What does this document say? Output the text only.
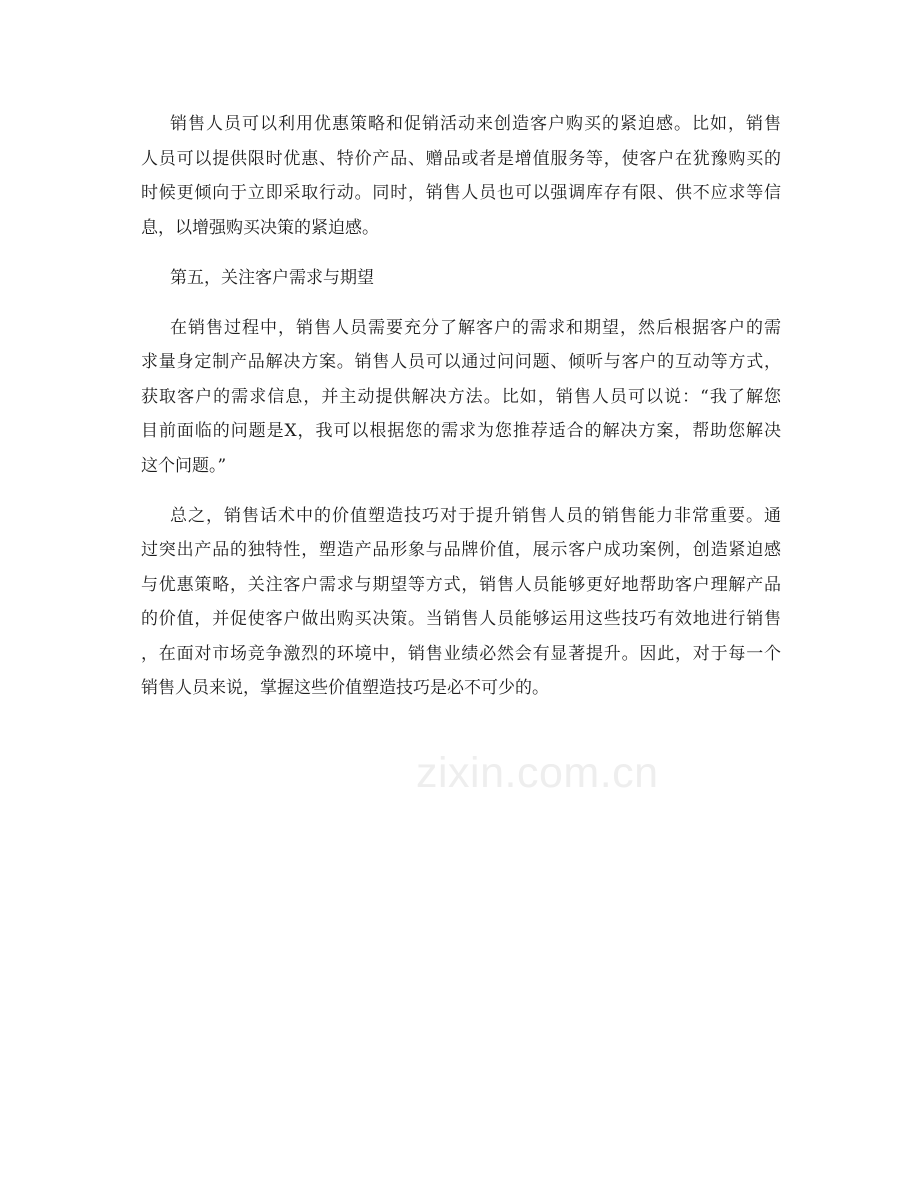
zixin.com.cn
销售人员可以利用优惠策略和促销活动来创造客户购买的紧迫感。比如，销售
人员可以提供限时优惠、特价产品、赠品或者是增值服务等，使客户在犹豫购买的
时候更倾向于立即采取行动。同时，销售人员也可以强调库存有限、供不应求等信
息，以增强购买决策的紧迫感。
第五，关注客户需求与期望
在销售过程中，销售人员需要充分了解客户的需求和期望，然后根据客户的需
求量身定制产品解决方案。销售人员可以通过问问题、倾听与客户的互动等方式，
获取客户的需求信息，并主动提供解决方法。比如，销售人员可以说：“我了解您
目前面临的问题是X，我可以根据您的需求为您推荐适合的解决方案，帮助您解决
这个问题。”
总之，销售话术中的价值塑造技巧对于提升销售人员的销售能力非常重要。通
过突出产品的独特性，塑造产品形象与品牌价值，展示客户成功案例，创造紧迫感
与优惠策略，关注客户需求与期望等方式，销售人员能够更好地帮助客户理解产品
的价值，并促使客户做出购买决策。当销售人员能够运用这些技巧有效地进行销售
，在面对市场竞争激烈的环境中，销售业绩必然会有显著提升。因此，对于每一个
销售人员来说，掌握这些价值塑造技巧是必不可少的。
